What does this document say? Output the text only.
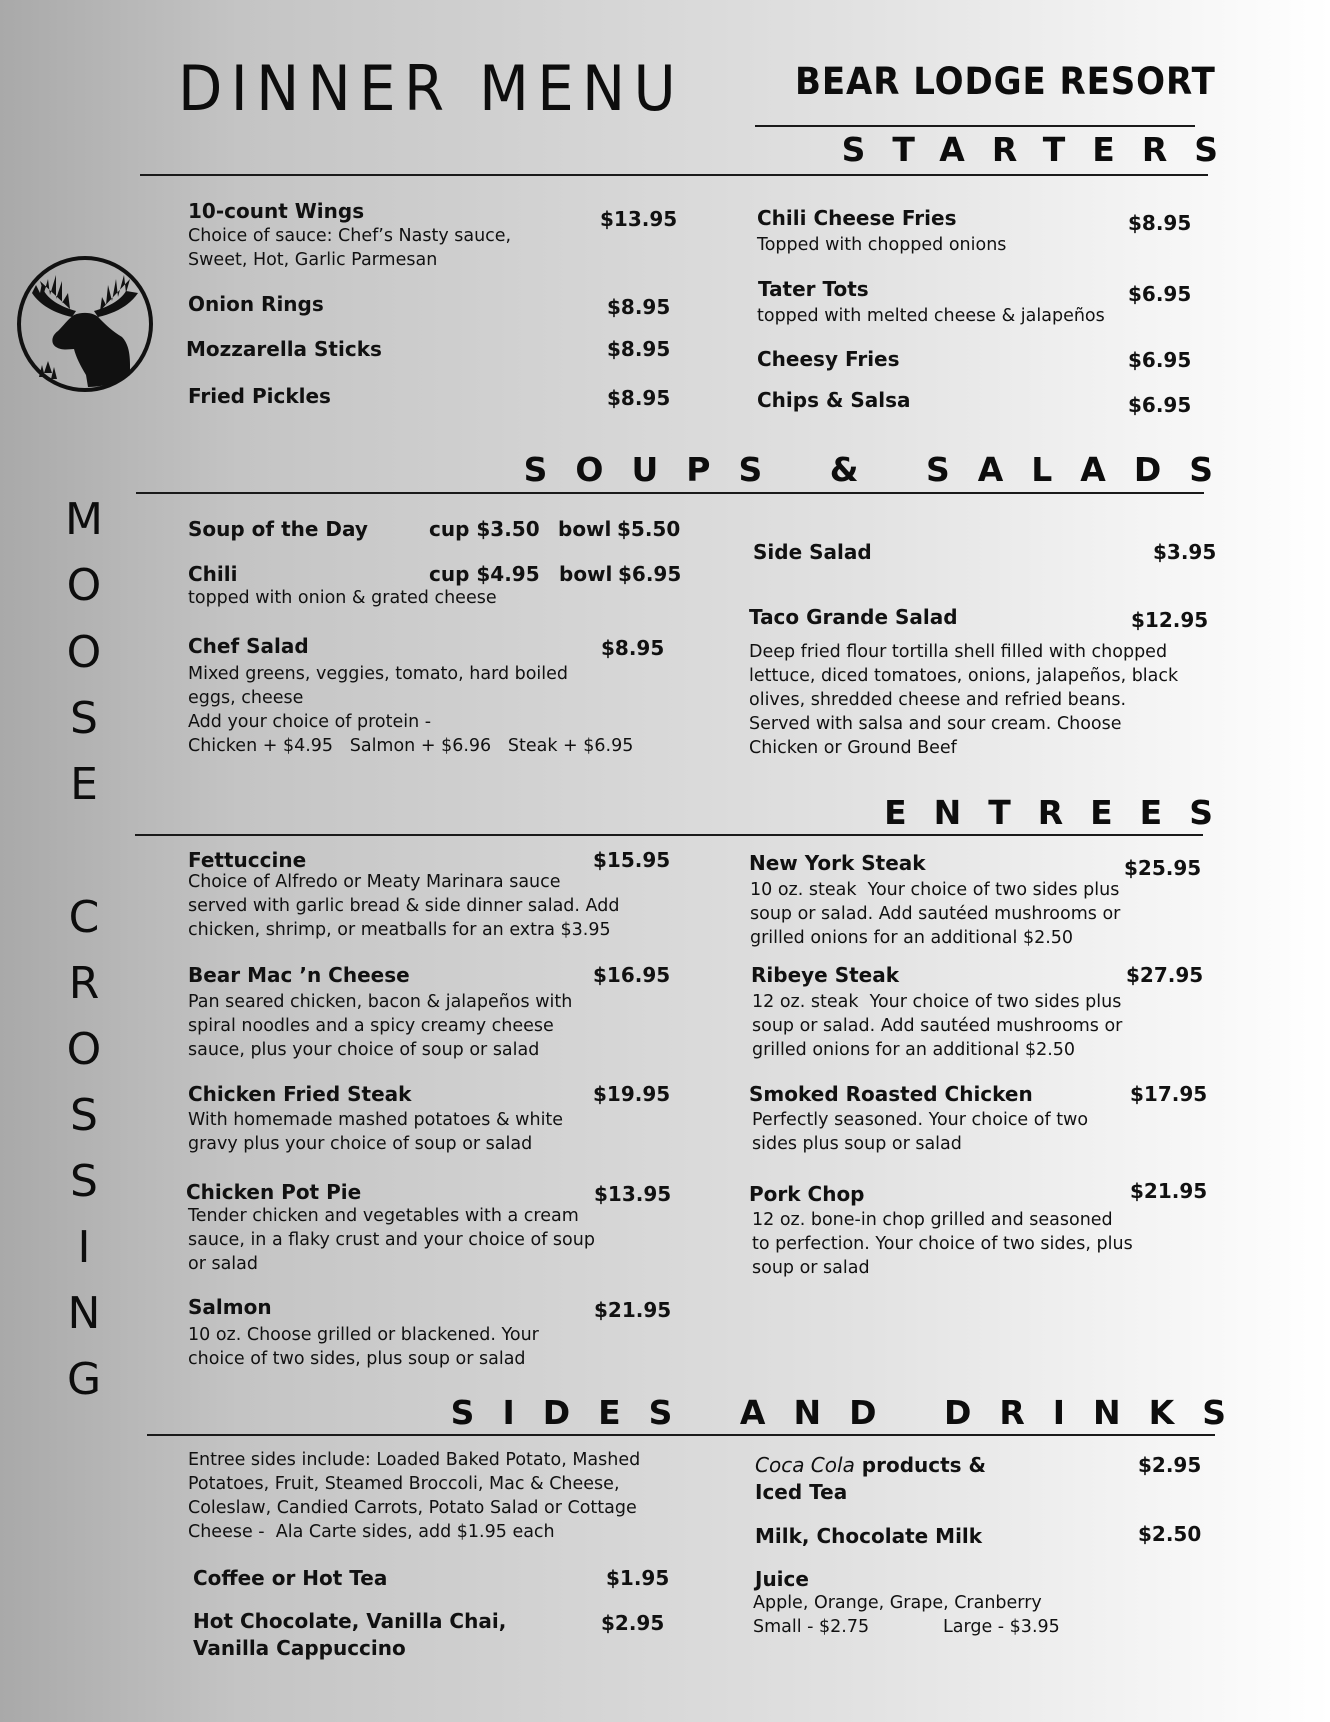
DINNER MENU	BEAR LODGE RESORT
M
O
O
S
E
C
R
O
S
S
I
N
G
STARTERS
10-count Wings	$13.95
Choice of sauce: Chef’s Nasty sauce,
Sweet, Hot, Garlic Parmesan
Onion Rings	$8.95
Mozzarella Sticks	$8.95
Fried Pickles	$8.95
Chili Cheese Fries	$8.95
Topped with chopped onions
Tater Tots	$6.95
topped with melted cheese & jalapeños
Cheesy Fries	$6.95
Chips & Salsa	$6.95
SOUPS & SALADS
Soup of the Day	cup $3.50 bowl $5.50
Chili	cup $4.95 bowl $6.95
topped with onion & grated cheese
Chef Salad	$8.95
Mixed greens, veggies, tomato, hard boiled
eggs, cheese
Add your choice of protein -
Chicken + $4.95   Salmon + $6.96   Steak + $6.95
Side Salad	$3.95
Taco Grande Salad	$12.95
Deep fried flour tortilla shell filled with chopped
lettuce, diced tomatoes, onions, jalapeños, black
olives, shredded cheese and refried beans.
Served with salsa and sour cream. Choose
Chicken or Ground Beef
ENTREES
Fettuccine	$15.95
Choice of Alfredo or Meaty Marinara sauce
served with garlic bread & side dinner salad. Add
chicken, shrimp, or meatballs for an extra $3.95
Bear Mac ’n Cheese	$16.95
Pan seared chicken, bacon & jalapeños with
spiral noodles and a spicy creamy cheese
sauce, plus your choice of soup or salad
Chicken Fried Steak	$19.95
With homemade mashed potatoes & white
gravy plus your choice of soup or salad
Chicken Pot Pie	$13.95
Tender chicken and vegetables with a cream
sauce, in a flaky crust and your choice of soup
or salad
Salmon	$21.95
10 oz. Choose grilled or blackened. Your
choice of two sides, plus soup or salad
New York Steak	$25.95
10 oz. steak  Your choice of two sides plus
soup or salad. Add sautéed mushrooms or
grilled onions for an additional $2.50
Ribeye Steak	$27.95
12 oz. steak  Your choice of two sides plus
soup or salad. Add sautéed mushrooms or
grilled onions for an additional $2.50
Smoked Roasted Chicken	$17.95
Perfectly seasoned. Your choice of two
sides plus soup or salad
Pork Chop	$21.95
12 oz. bone-in chop grilled and seasoned
to perfection. Your choice of two sides, plus
soup or salad
SIDES AND DRINKS
Entree sides include: Loaded Baked Potato, Mashed
Potatoes, Fruit, Steamed Broccoli, Mac & Cheese,
Coleslaw, Candied Carrots, Potato Salad or Cottage
Cheese -  Ala Carte sides, add $1.95 each
Coffee or Hot Tea	$1.95
Hot Chocolate, Vanilla Chai,
Vanilla Cappuccino
$2.95
Coca Cola products &
Iced Tea
$2.95
Milk, Chocolate Milk	$2.50
Juice
Apple, Orange, Grape, Cranberry
Small - $2.75	Large - $3.95
